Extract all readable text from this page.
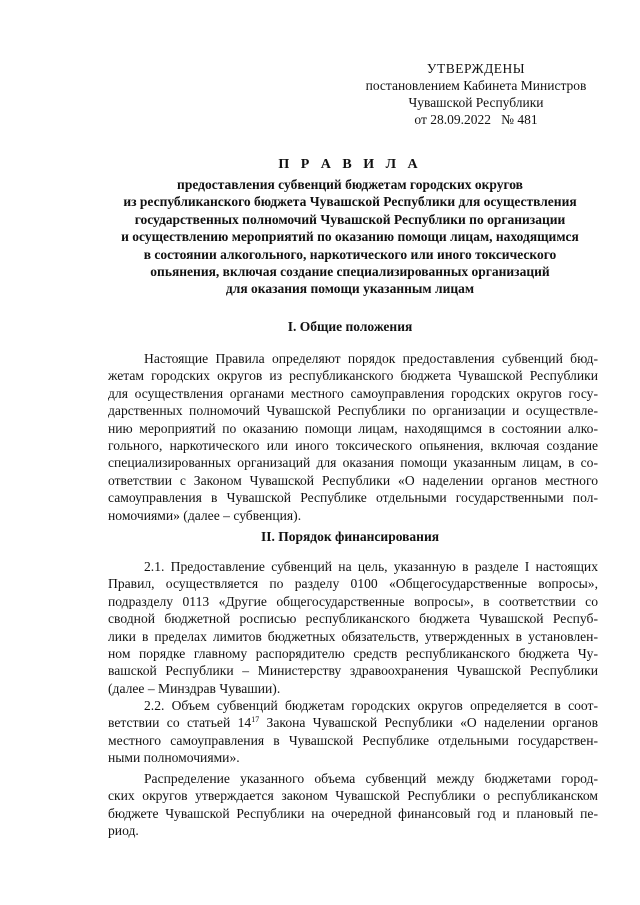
УТВЕРЖДЕНЫ
постановлением Кабинета Министров
Чувашской Республики
от 28.09.2022 № 481
П Р А В И Л А
предоставления субвенций бюджетам городских округов
из республиканского бюджета Чувашской Республики для осуществления
государственных полномочий Чувашской Республики по организации
и осуществлению мероприятий по оказанию помощи лицам, находящимся
в состоянии алкогольного, наркотического или иного токсического
опьянения, включая создание специализированных организаций
для оказания помощи указанным лицам
I. Общие положения
Настоящие Правила определяют порядок предоставления субвенций бюд-
жетам городских округов из республиканского бюджета Чувашской Республики
для осуществления органами местного самоуправления городских округов госу-
дарственных полномочий Чувашской Республики по организации и осуществле-
нию мероприятий по оказанию помощи лицам, находящимся в состоянии алко-
гольного, наркотического или иного токсического опьянения, включая создание
специализированных организаций для оказания помощи указанным лицам, в со-
ответствии с Законом Чувашской Республики «О наделении органов местного
самоуправления в Чувашской Республике отдельными государственными пол-
номочиями» (далее – субвенция).
II. Порядок финансирования
2.1. Предоставление субвенций на цель, указанную в разделе I настоящих
Правил, осуществляется по разделу 0100 «Общегосударственные вопросы»,
подразделу 0113 «Другие общегосударственные вопросы», в соответствии со
сводной бюджетной росписью республиканского бюджета Чувашской Респуб-
лики в пределах лимитов бюджетных обязательств, утвержденных в установлен-
ном порядке главному распорядителю средств республиканского бюджета Чу-
вашской Республики – Министерству здравоохранения Чувашской Республики
(далее – Минздрав Чувашии).
2.2. Объем субвенций бюджетам городских округов определяется в соот-
ветствии со статьей $14^{17}$ Закона Чувашской Республики «О наделении органов
местного самоуправления в Чувашской Республике отдельными государствен-
ными полномочиями».
Распределение указанного объема субвенций между бюджетами город-
ских округов утверждается законом Чувашской Республики о республиканском
бюджете Чувашской Республики на очередной финансовый год и плановый пе-
риод.
